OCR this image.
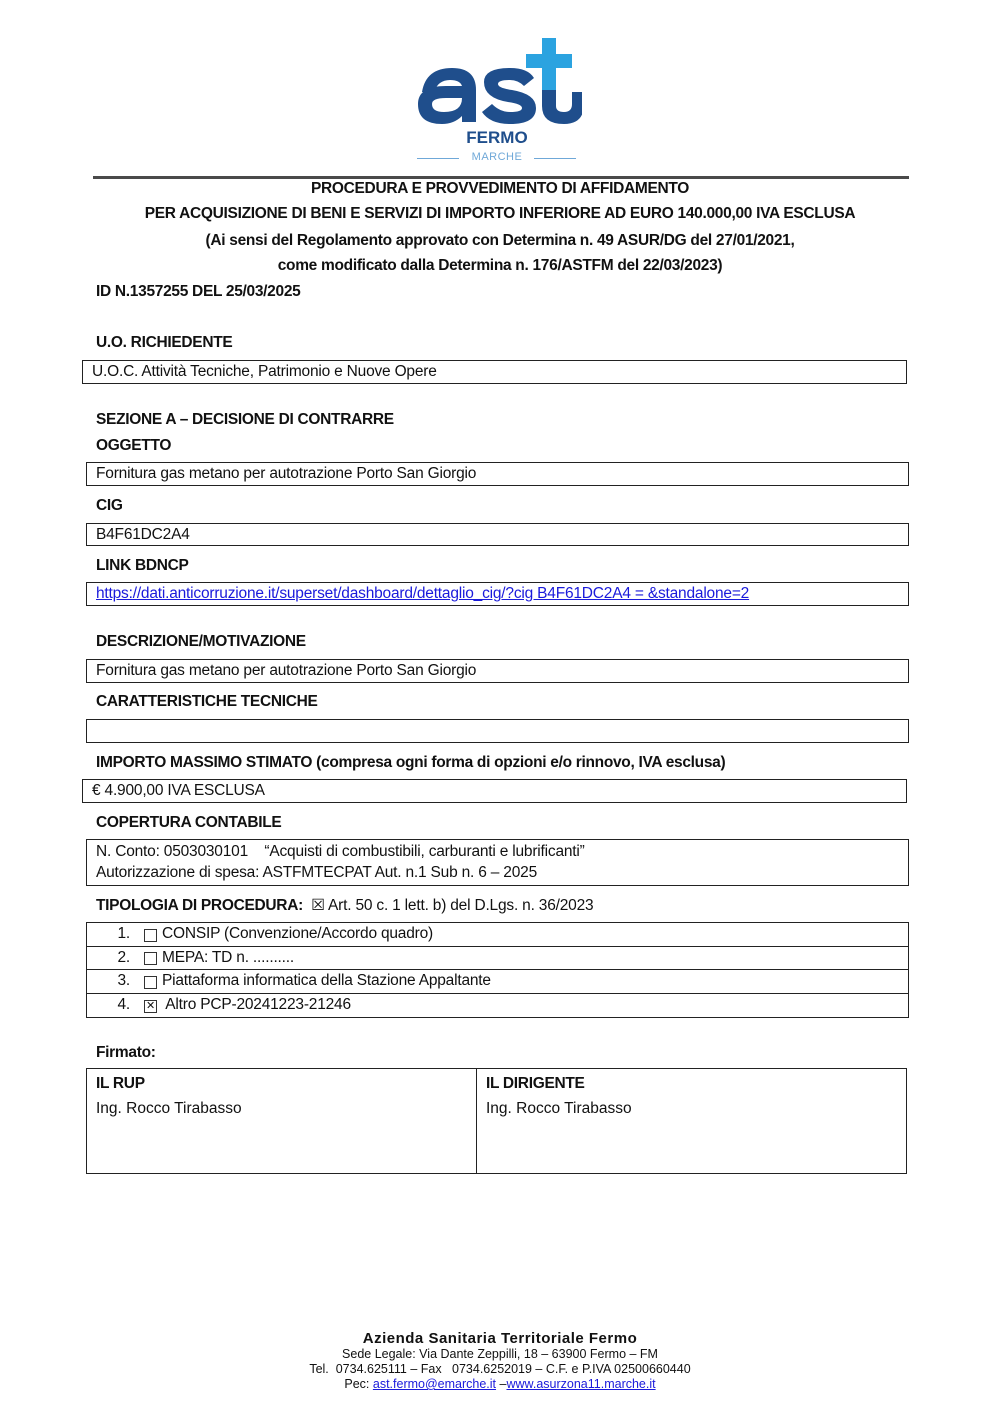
FERMO
MARCHE
PROCEDURA E PROVVEDIMENTO DI AFFIDAMENTO
PER ACQUISIZIONE DI BENI E SERVIZI DI IMPORTO INFERIORE AD EURO 140.000,00 IVA ESCLUSA
(Ai sensi del Regolamento approvato con Determina n. 49 ASUR/DG del 27/01/2021,
come modificato dalla Determina n. 176/ASTFM del 22/03/2023)
ID N.1357255 DEL 25/03/2025
U.O. RICHIEDENTE
U.O.C. Attività Tecniche, Patrimonio e Nuove Opere
SEZIONE A – DECISIONE DI CONTRARRE
OGGETTO
Fornitura gas metano per autotrazione Porto San Giorgio
CIG
B4F61DC2A4
LINK BDNCP
https://dati.anticorruzione.it/superset/dashboard/dettaglio_cig/?cig B4F61DC2A4 = &standalone=2
DESCRIZIONE/MOTIVAZIONE
Fornitura gas metano per autotrazione Porto San Giorgio
CARATTERISTICHE TECNICHE
IMPORTO MASSIMO STIMATO (compresa ogni forma di opzioni e/o rinnovo, IVA esclusa)
€ 4.900,00 IVA ESCLUSA
COPERTURA CONTABILE
N. Conto: 0503030101    “Acquisti di combustibili, carburanti e lubrificanti”
Autorizzazione di spesa: ASTFMTECPAT Aut. n.1 Sub n. 6 – 2025
TIPOLOGIA DI PROCEDURA: ☒ Art. 50 c. 1 lett. b) del D.Lgs. n. 36/2023
1.	CONSIP (Convenzione/Accordo quadro)
2.	MEPA: TD n. ..........
3.	Piattaforma informatica della Stazione Appaltante
4.	✕ Altro PCP-20241223-21246
Firmato:
IL RUP
Ing. Rocco Tirabasso
IL DIRIGENTE
Ing. Rocco Tirabasso
Azienda Sanitaria Territoriale Fermo
Sede Legale: Via Dante Zeppilli, 18 – 63900 Fermo – FM
Tel.  0734.625111 – Fax   0734.6252019 – C.F. e P.IVA 02500660440
Pec: ast.fermo@emarche.it –www.asurzona11.marche.it
